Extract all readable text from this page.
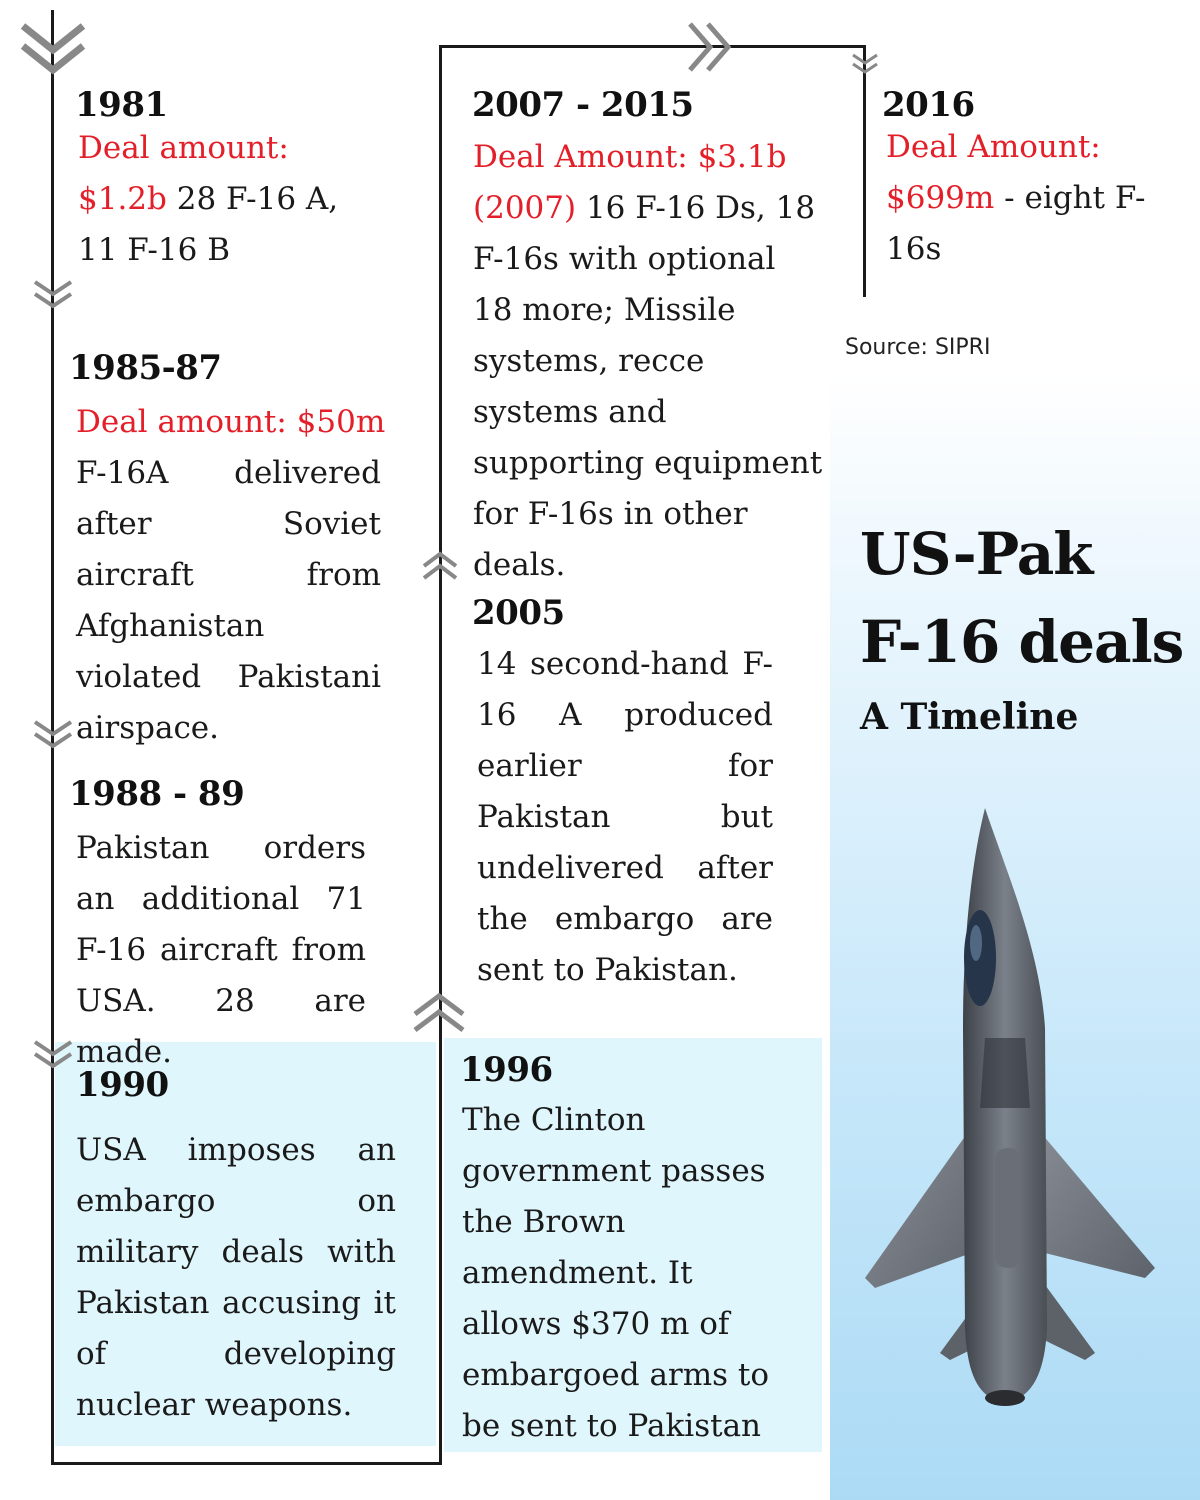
1981
Deal amount:
$1.2b 28 F-16 A, 11 F-16 B
1985-87
Deal amount: $50m
F-16A delivered after Soviet aircraft from Afghanistan violated Pakistani airspace.
1988 - 89
Pakistan orders an additional 71 F-16 aircraft from USA. 28 are made.
1990
USA imposes an embargo on military deals with Pakistan accusing it of developing nuclear weapons.
2007 - 2015
Deal Amount: $3.1b (2007) 16 F-16 Ds, 18 F-16s with optional 18 more; Missile systems, recce systems and supporting equipment for F-16s in other deals.
2005
14 second-hand F-16 A produced earlier for Pakistan but undelivered after the embargo are sent to Pakistan.
1996
The Clinton government passes the Brown amendment. It allows $370 m of embargoed arms to be sent to Pakistan
2016
Deal Amount:
$699m - eight F-16s
Source: SIPRI
US-Pak
F-16 deals
A Timeline
